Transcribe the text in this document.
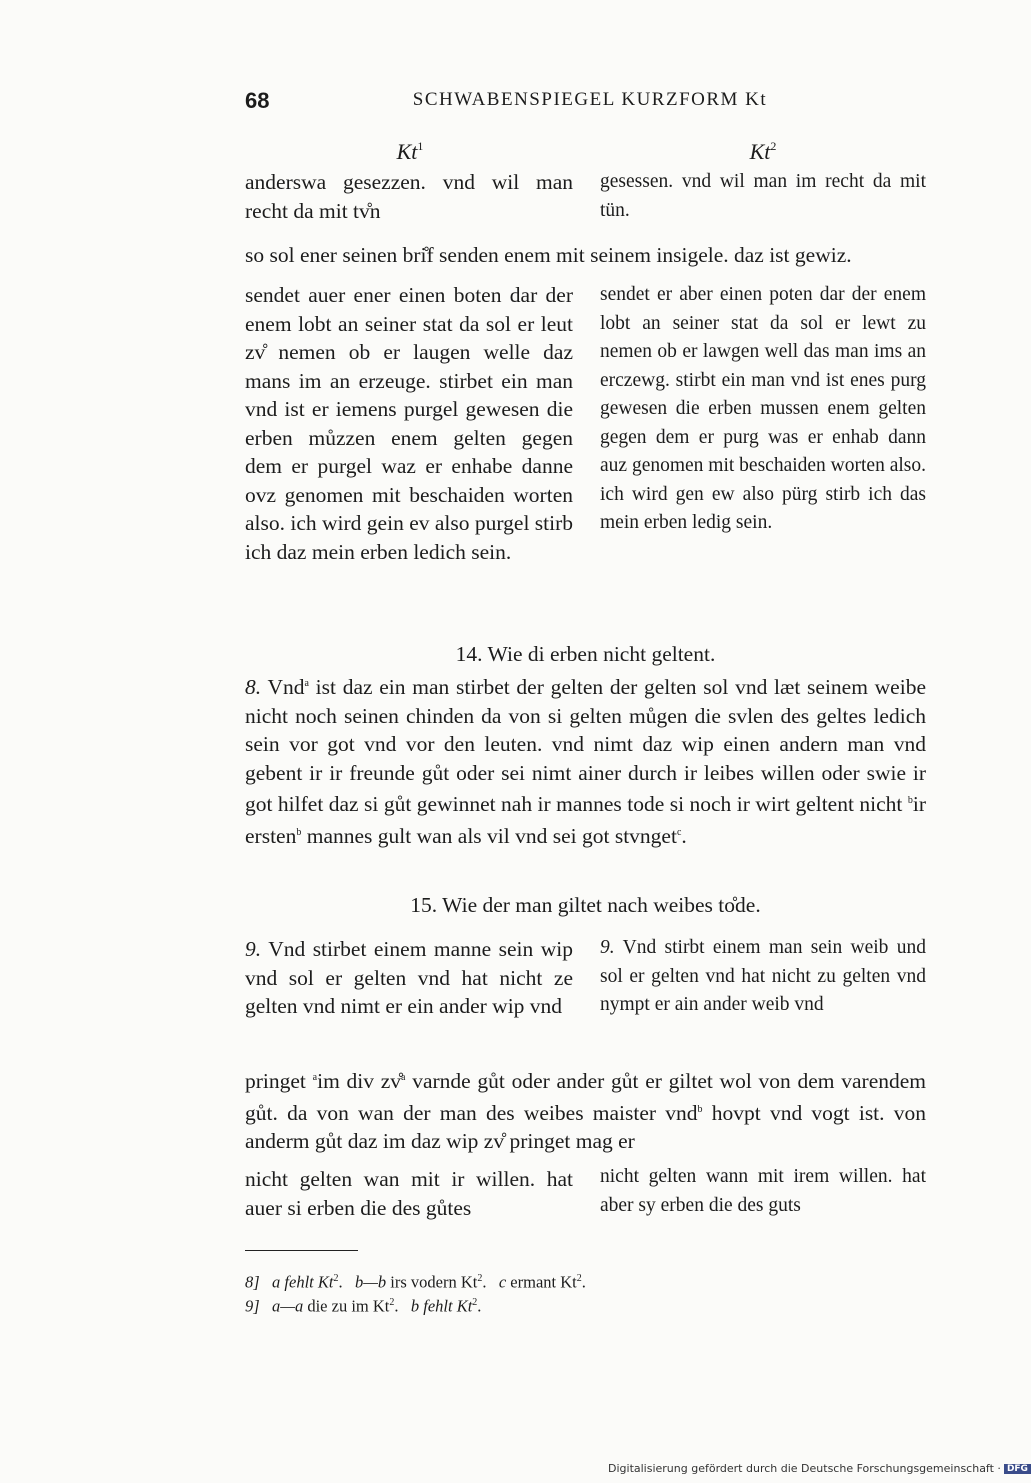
68	SCHWABENSPIEGEL KURZFORM Kt
Kt$^1$	Kt$^2$
anderswa gesezzen. vnd wil man recht da mit tv̊n
gesessen. vnd wil man im recht da mit tün.
so sol ener seinen bri̊f senden enem mit seinem insigele. daz ist gewiz.
sendet auer ener einen boten dar der enem lobt an seiner stat da sol er leut zv̊ nemen ob er laugen welle daz mans im an erzeuge. stirbet ein man vnd ist er iemens purgel gewesen die erben můzzen enem gelten gegen dem er purgel waz er enhabe danne ovz genomen mit beschaiden worten also. ich wird gein ev also purgel stirb ich daz mein erben ledich sein.
sendet er aber einen poten dar der enem lobt an seiner stat da sol er lewt zu nemen ob er lawgen well das man ims an erczewg. stirbt ein man vnd ist enes purg gewesen die erben mussen enem gelten gegen dem er purg was er enhab dann auz genomen mit beschaiden worten also. ich wird gen ew also pürg stirb ich das mein erben ledig sein.
14. Wie di erben nicht geltent.
8. Vnd$^a$ ist daz ein man stirbet der gelten der gelten sol vnd læt seinem weibe nicht noch seinen chinden da von si gelten můgen die svlen des geltes ledich sein vor got vnd vor den leuten. vnd nimt daz wip einen andern man vnd gebent ir ir freunde gůt oder sei nimt ainer durch ir leibes willen oder swie ir got hilfet daz si gůt gewinnet nah ir mannes tode si noch ir wirt geltent nicht $^b$ir ersten$^b$ mannes gult wan als vil vnd sei got stvnget$^c$.
15. Wie der man giltet nach weibes to̊de.
9. Vnd stirbet einem manne sein wip vnd sol er gelten vnd hat nicht ze gelten vnd nimt er ein ander wip vnd
9. Vnd stirbt einem man sein weib und sol er gelten vnd hat nicht zu gelten vnd nympt er ain ander weib vnd
pringet $^a$im div zv̊$^a$ varnde gůt oder ander gůt er giltet wol von dem varendem gůt. da von wan der man des weibes maister vnd$^b$ hovpt vnd vogt ist. von anderm gůt daz im daz wip zv̊ pringet mag er
nicht gelten wan mit ir willen. hat auer si erben die des gůtes
nicht gelten wann mit irem willen. hat aber sy erben die des guts
8] a fehlt Kt$^2$.   b—b irs vodern Kt$^2$.   c ermant Kt$^2$.
9] a—a die zu im Kt$^2$.   b fehlt Kt$^2$.
Digitalisierung gefördert durch die Deutsche Forschungsgemeinschaft · DFG
